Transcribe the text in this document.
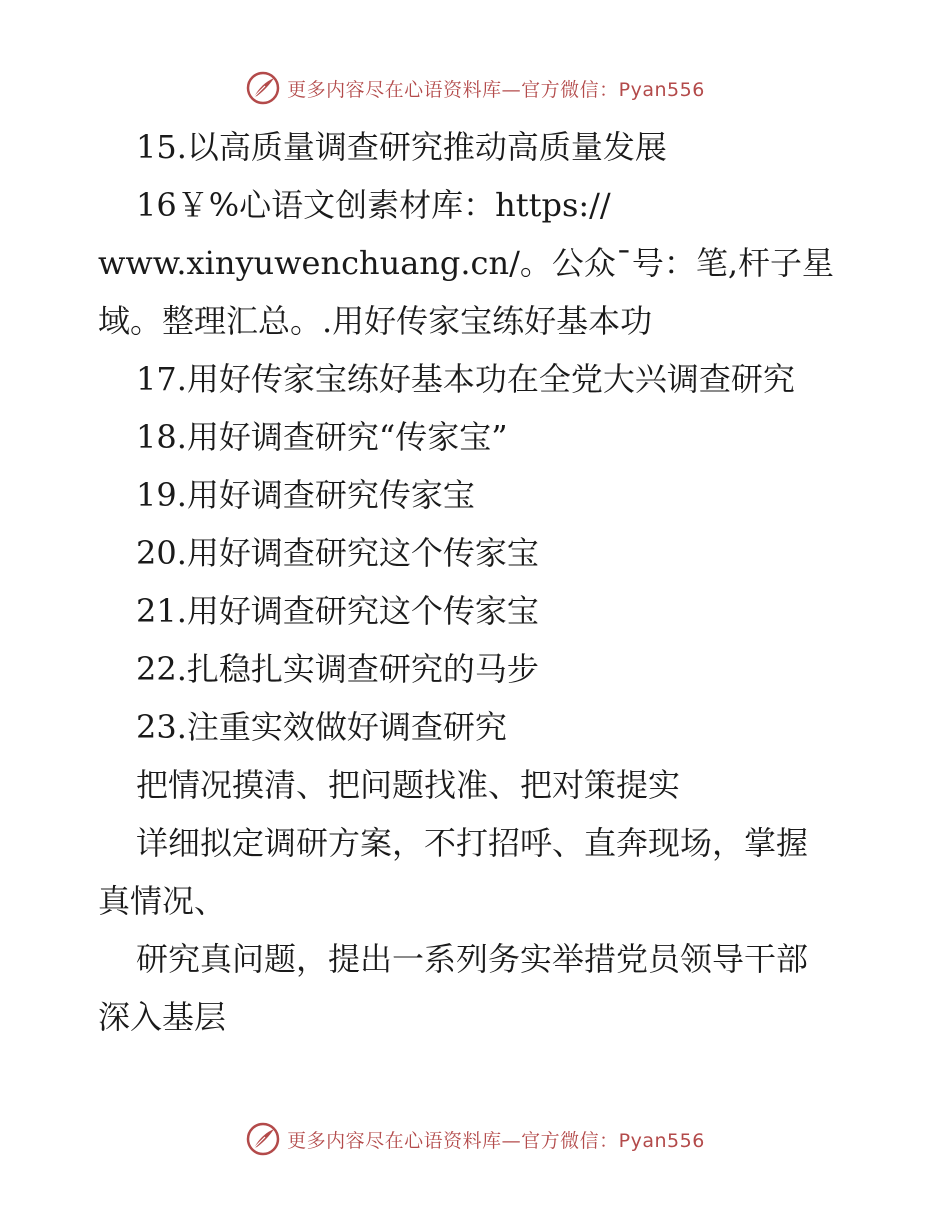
更多内容尽在心语资料库—官方微信：Pyan556

15.以高质量调查研究推动高质量发展

16￥%心语文创素材库：https://

www.xinyuwenchuang.cn/。公众¯号：笔,杆子星

域。整理汇总。.用好传家宝练好基本功

17.用好传家宝练好基本功在全党大兴调查研究

18.用好调查研究“传家宝”

19.用好调查研究传家宝

20.用好调查研究这个传家宝

21.用好调查研究这个传家宝

22.扎稳扎实调查研究的马步

23.注重实效做好调查研究

把情况摸清、把问题找准、把对策提实

详细拟定调研方案，不打招呼、直奔现场，掌握

真情况、

研究真问题，提出一系列务实举措党员领导干部

深入基层

更多内容尽在心语资料库—官方微信：Pyan556
